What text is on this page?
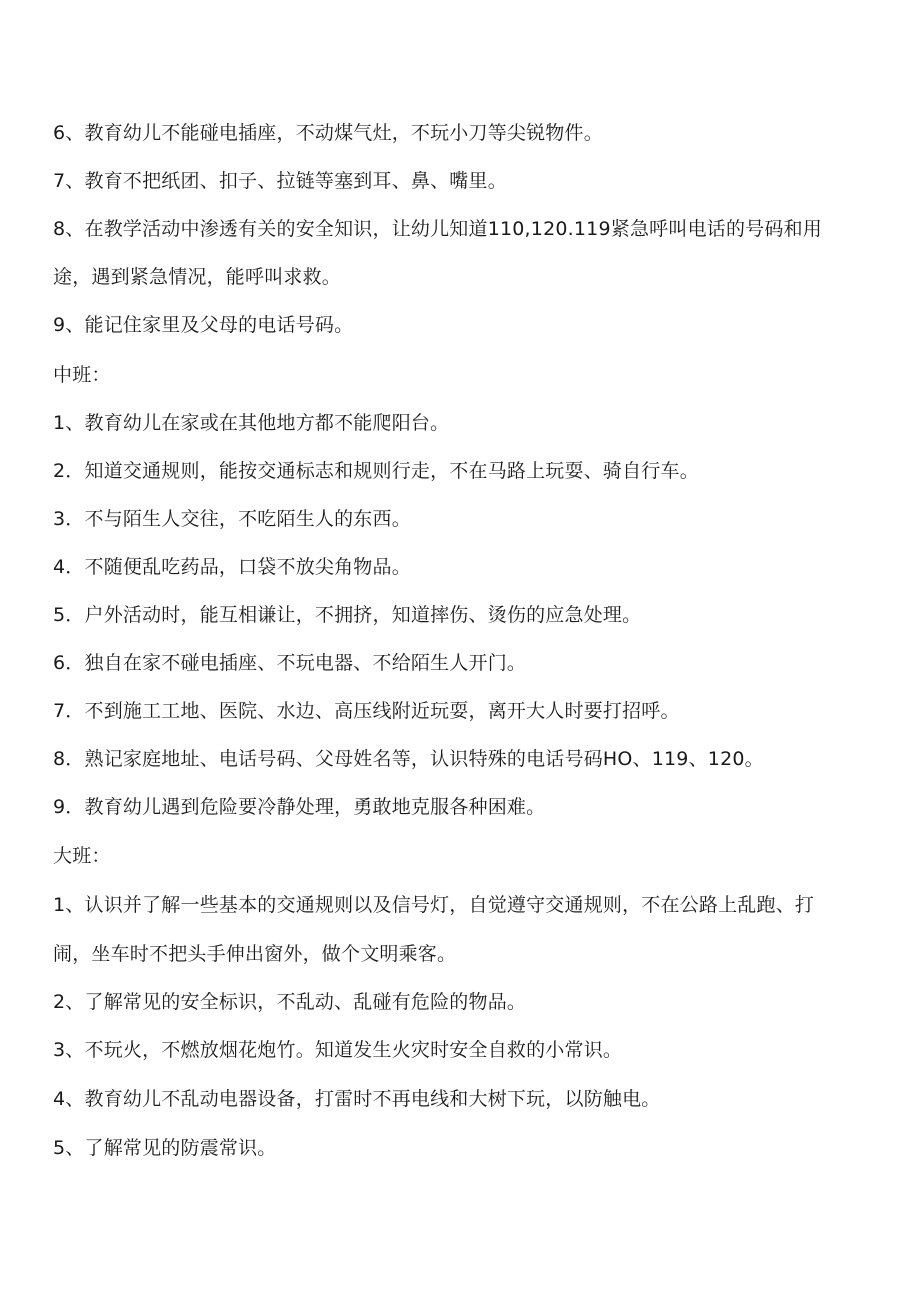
6、教育幼儿不能碰电插座，不动煤气灶，不玩小刀等尖锐物件。
7、教育不把纸团、扣子、拉链等塞到耳、鼻、嘴里。
8、在教学活动中渗透有关的安全知识，让幼儿知道110,120.119紧急呼叫电话的号码和用
途，遇到紧急情况，能呼叫求救。
9、能记住家里及父母的电话号码。
中班：
1、教育幼儿在家或在其他地方都不能爬阳台。
2．知道交通规则，能按交通标志和规则行走，不在马路上玩耍、骑自行车。
3．不与陌生人交往，不吃陌生人的东西。
4．不随便乱吃药品，口袋不放尖角物品。
5．户外活动时，能互相谦让，不拥挤，知道摔伤、烫伤的应急处理。
6．独自在家不碰电插座、不玩电器、不给陌生人开门。
7．不到施工工地、医院、水边、高压线附近玩耍，离开大人时要打招呼。
8．熟记家庭地址、电话号码、父母姓名等，认识特殊的电话号码HO、119、120。
9．教育幼儿遇到危险要冷静处理，勇敢地克服各种困难。
大班：
1、认识并了解一些基本的交通规则以及信号灯，自觉遵守交通规则，不在公路上乱跑、打
闹，坐车时不把头手伸出窗外，做个文明乘客。
2、了解常见的安全标识，不乱动、乱碰有危险的物品。
3、不玩火，不燃放烟花炮竹。知道发生火灾时安全自救的小常识。
4、教育幼儿不乱动电器设备，打雷时不再电线和大树下玩，以防触电。
5、了解常见的防震常识。
